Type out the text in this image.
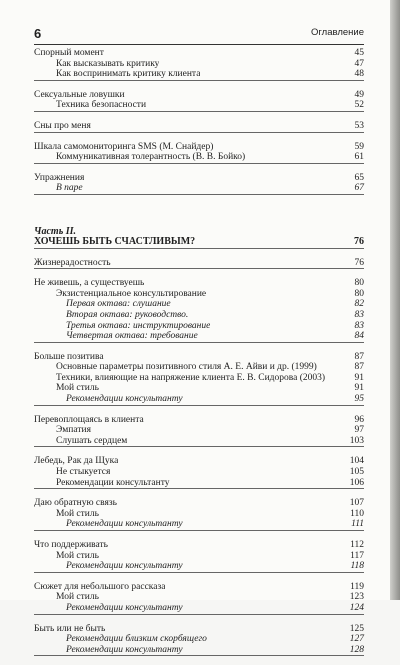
6	Оглавление
Спорный момент	45
Как высказывать критику	47
Как воспринимать критику клиента	48
Сексуальные ловушки	49
Техника безопасности	52
Сны про меня	53
Шкала самомониторинга SMS (М. Снайдер)	59
Коммуникативная толерантность (В. В. Бойко)	61
Упражнения	65
В паре	67
Часть II.
ХОЧЕШЬ БЫТЬ СЧАСТЛИВЫМ?	76
Жизнерадостность	76
Не живешь, а существуешь	80
Экзистенциальное консультирование	80
Первая октава: слушание	82
Вторая октава: руководство.	83
Третья октава: инструктирование	83
Четвертая октава: требование	84
Больше позитива	87
Основные параметры позитивного стиля А. Е. Айви и др. (1999)	87
Техники, влияющие на напряжение клиента Е. В. Сидорова (2003)	91
Мой стиль	91
Рекомендации консультанту	95
Перевоплощаясь в клиента	96
Эмпатия	97
Слушать сердцем	103
Лебедь, Рак да Щука	104
Не стыкуется	105
Рекомендации консультанту	106
Даю обратную связь	107
Мой стиль	110
Рекомендации консультанту	111
Что поддерживать	112
Мой стиль	117
Рекомендации консультанту	118
Сюжет для небольшого рассказа	119
Мой стиль	123
Рекомендации консультанту	124
Быть или не быть	125
Рекомендации близким скорбящего	127
Рекомендации консультанту	128
